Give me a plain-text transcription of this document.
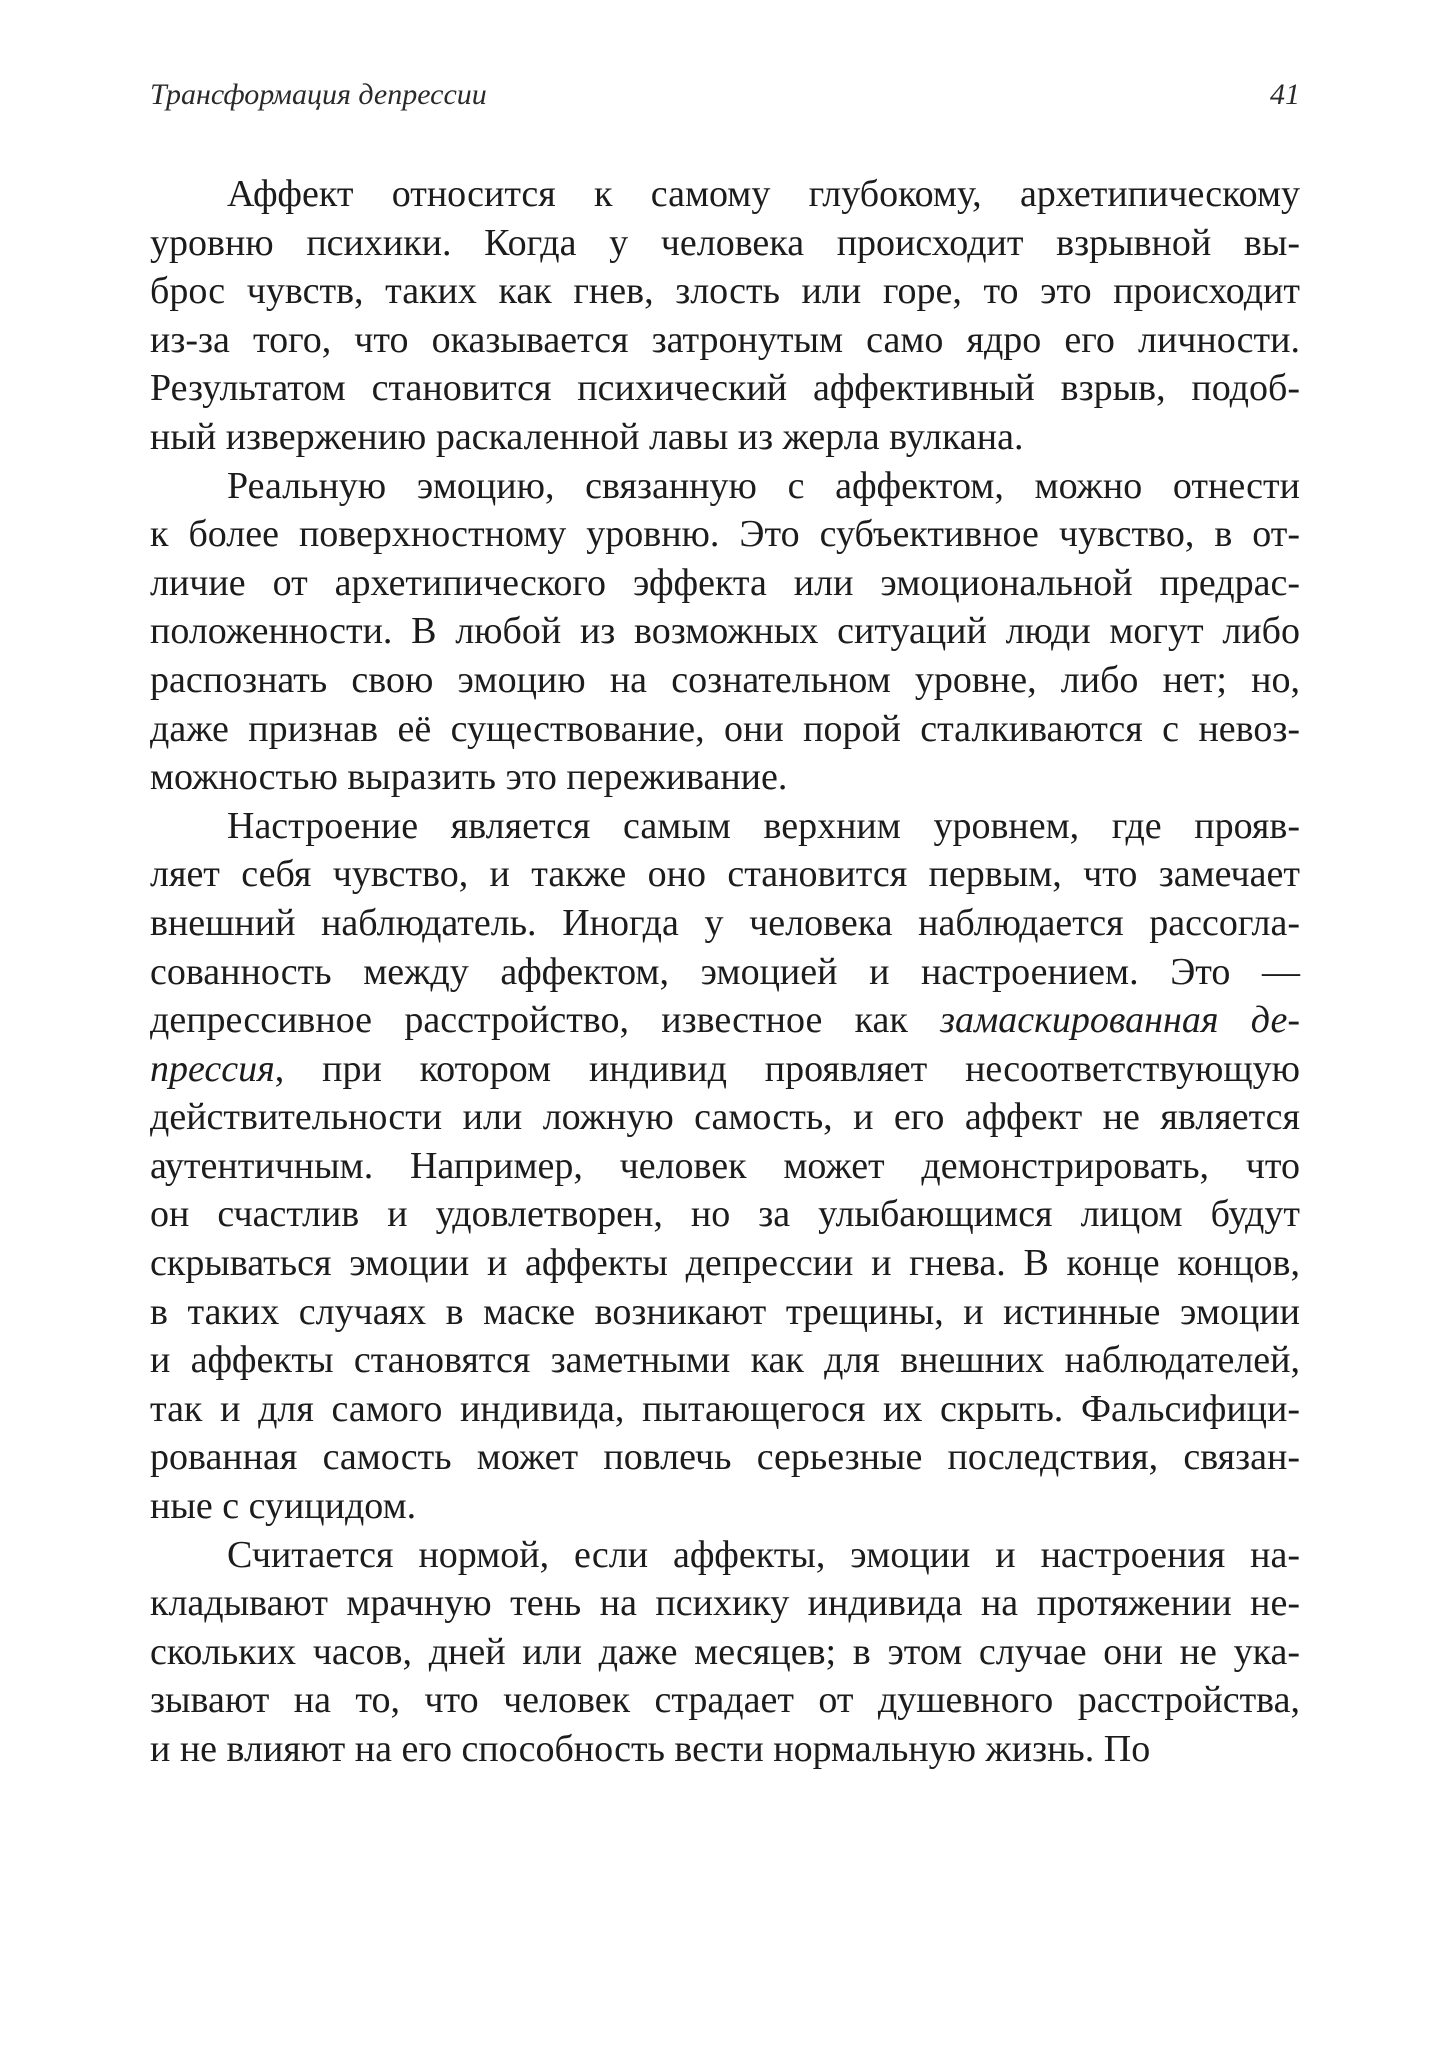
Трансформация депрессии	41
Аффект относится к самому глубокому, архетипическому
уровню психики. Когда у человека происходит взрывной вы-
брос чувств, таких как гнев, злость или горе, то это происходит
из-за того, что оказывается затронутым само ядро его личности.
Результатом становится психический аффективный взрыв, подоб-
ный извержению раскаленной лавы из жерла вулкана.
Реальную эмоцию, связанную с аффектом, можно отнести
к более поверхностному уровню. Это субъективное чувство, в от-
личие от архетипического эффекта или эмоциональной предрас-
положенности. В любой из возможных ситуаций люди могут либо
распознать свою эмоцию на сознательном уровне, либо нет; но,
даже признав её существование, они порой сталкиваются с невоз-
можностью выразить это переживание.
Настроение является самым верхним уровнем, где прояв-
ляет себя чувство, и также оно становится первым, что замечает
внешний наблюдатель. Иногда у человека наблюдается рассогла-
сованность между аффектом, эмоцией и настроением. Это —
депрессивное расстройство, известное как замаскированная де-
прессия, при котором индивид проявляет несоответствующую
действительности или ложную самость, и его аффект не является
аутентичным. Например, человек может демонстрировать, что
он счастлив и удовлетворен, но за улыбающимся лицом будут
скрываться эмоции и аффекты депрессии и гнева. В конце концов,
в таких случаях в маске возникают трещины, и истинные эмоции
и аффекты становятся заметными как для внешних наблюдателей,
так и для самого индивида, пытающегося их скрыть. Фальсифици-
рованная самость может повлечь серьезные последствия, связан-
ные с суицидом.
Считается нормой, если аффекты, эмоции и настроения на-
кладывают мрачную тень на психику индивида на протяжении не-
скольких часов, дней или даже месяцев; в этом случае они не ука-
зывают на то, что человек страдает от душевного расстройства,
и не влияют на его способность вести нормальную жизнь. По
